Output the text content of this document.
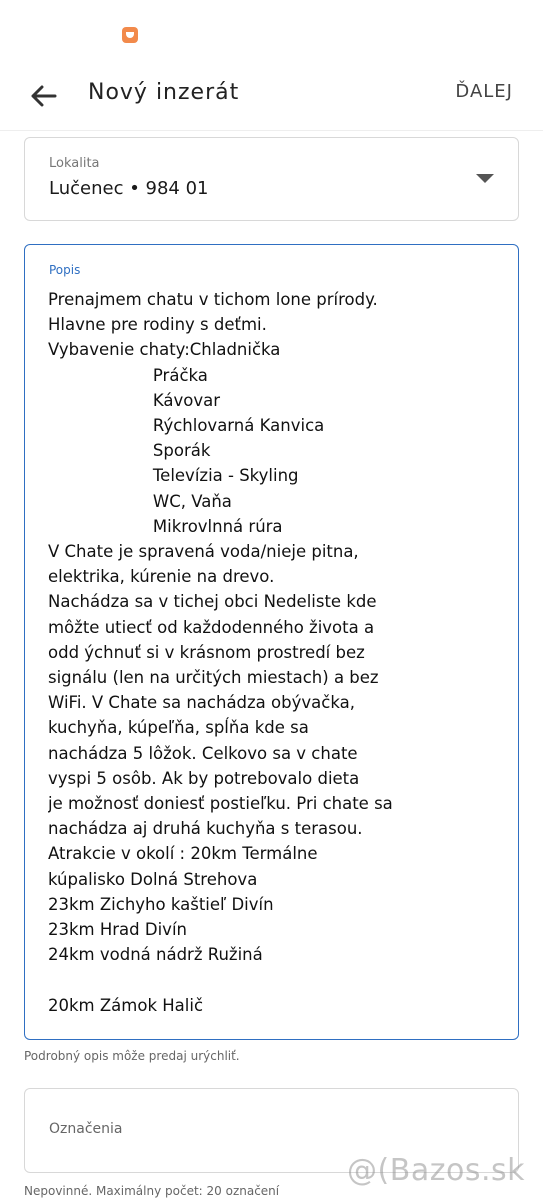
Nový inzerát	ĎALEJ
Lokalita
Lučenec • 984 01
Popis
Prenajmem chatu v tichom lone prírody.
Hlavne pre rodiny s deťmi.
Vybavenie chaty:Chladnička
Práčka
Kávovar
Rýchlovarná Kanvica
Sporák
Televízia - Skyling
WC, Vaňa
Mikrovlnná rúra
V Chate je spravená voda/nieje pitna,
elektrika, kúrenie na drevo.
Nachádza sa v tichej obci Nedeliste kde
môžte utiecť od každodenného života a
odd ýchnuť si v krásnom prostredí bez
signálu (len na určitých miestach) a bez
WiFi. V Chate sa nachádza obývačka,
kuchyňa, kúpeľňa, spĺňa kde sa
nachádza 5 lôžok. Celkovo sa v chate
vyspi 5 osôb. Ak by potrebovalo dieta
je možnosť doniesť postieľku. Pri chate sa
nachádza aj druhá kuchyňa s terasou.
Atrakcie v okolí : 20km Termálne
kúpalisko Dolná Strehova
23km Zichyho kaštieľ Divín
23km Hrad Divín
24km vodná nádrž Ružiná

20km Zámok Halič
Podrobný opis môže predaj urýchliť.
Označenia
Nepovinné. Maximálny počet: 20 označení
@(Bazos.sk
